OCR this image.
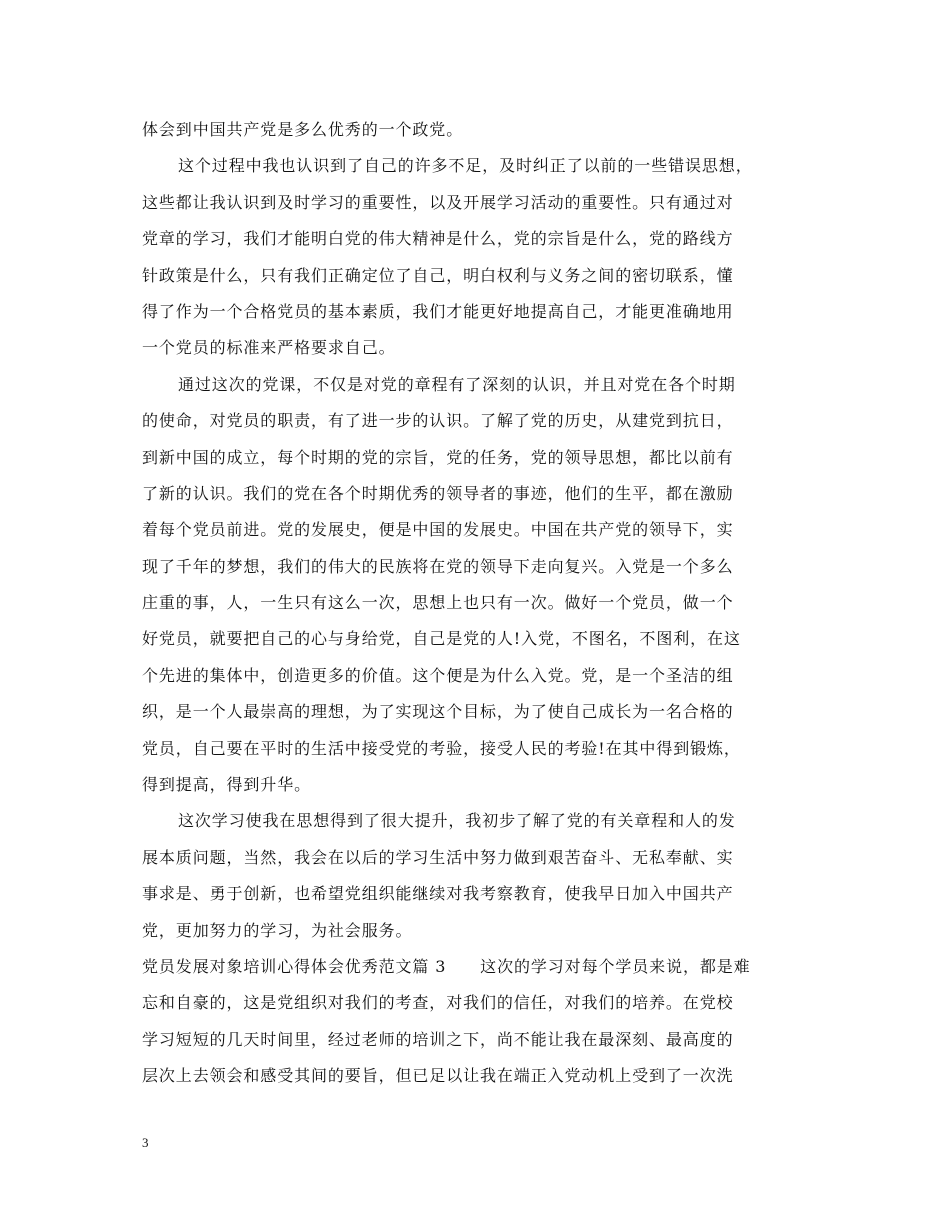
体会到中国共产党是多么优秀的一个政党。
这个过程中我也认识到了自己的许多不足，及时纠正了以前的一些错误思想，
这些都让我认识到及时学习的重要性，以及开展学习活动的重要性。只有通过对
党章的学习，我们才能明白党的伟大精神是什么，党的宗旨是什么，党的路线方
针政策是什么，只有我们正确定位了自己，明白权利与义务之间的密切联系，懂
得了作为一个合格党员的基本素质，我们才能更好地提高自己，才能更准确地用
一个党员的标准来严格要求自己。
通过这次的党课，不仅是对党的章程有了深刻的认识，并且对党在各个时期
的使命，对党员的职责，有了进一步的认识。了解了党的历史，从建党到抗日，
到新中国的成立，每个时期的党的宗旨，党的任务，党的领导思想，都比以前有
了新的认识。我们的党在各个时期优秀的领导者的事迹，他们的生平，都在激励
着每个党员前进。党的发展史，便是中国的发展史。中国在共产党的领导下，实
现了千年的梦想，我们的伟大的民族将在党的领导下走向复兴。入党是一个多么
庄重的事，人，一生只有这么一次，思想上也只有一次。做好一个党员，做一个
好党员，就要把自己的心与身给党，自己是党的人!入党，不图名，不图利，在这
个先进的集体中，创造更多的价值。这个便是为什么入党。党，是一个圣洁的组
织，是一个人最崇高的理想，为了实现这个目标，为了使自己成长为一名合格的
党员，自己要在平时的生活中接受党的考验，接受人民的考验!在其中得到锻炼，
得到提高，得到升华。
这次学习使我在思想得到了很大提升，我初步了解了党的有关章程和人的发
展本质问题，当然，我会在以后的学习生活中努力做到艰苦奋斗、无私奉献、实
事求是、勇于创新，也希望党组织能继续对我考察教育，使我早日加入中国共产
党，更加努力的学习，为社会服务。
党员发展对象培训心得体会优秀范文篇 3　　这次的学习对每个学员来说，都是难
忘和自豪的，这是党组织对我们的考查，对我们的信任，对我们的培养。在党校
学习短短的几天时间里，经过老师的培训之下，尚不能让我在最深刻、最高度的
层次上去领会和感受其间的要旨，但已足以让我在端正入党动机上受到了一次洗
3
